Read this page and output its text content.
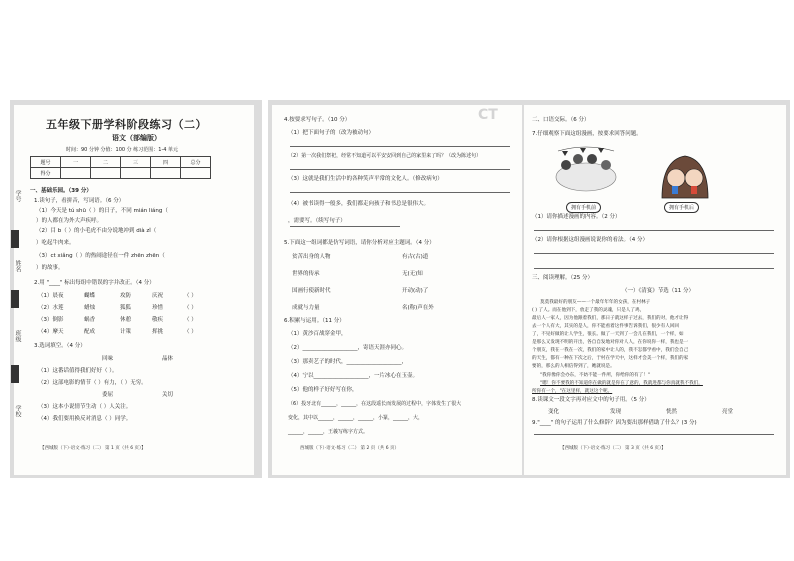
学号
姓名
班级
学校
五年级下册学科阶段练习（二）
语文（部编版）
时间：90 分钟 分值：100 分 练习范围：1-4 单元
题号	一	二	三	四	总分
得分					
一、基础乐园。（39 分）
1.读句子，看拼音，写词语。（6 分）
（1）今天是 tú shū（ ）的日子，不同 mián liáng（
）的人都在为外大声疾呼。
（2）目 b（ ）的小毛虎不由分说地冲到 dià zǐ（
）吃起牛肉来。
（3）ct xiǎng（ ）的热闹途径在一件 zhēn zhēn（
）的故事。
2.用 "____" 标出每组中错误的字并改正。（4 分）
（1）晨夜	蝴蝶	攻防	庆祝	（ ）
（2）水莲	蜡烛	狐狐	珍惜	（ ）
（3）倒影	蜗香	休憩	敬疾	（ ）
（4）摩天	配成	计策	挥挑	（ ）
3.选词填空。（4 分）
回味	晶体
（1）这番话值得我们好好（ ）。
（2）这部电影的情节（ ）有力，（ ）无穷。
委屈	关切
（3）这本小说情节生动（ ）人关注。
（4）我们要用换反对消息（ ）同学。
【西城版（下）·语文·练习（二） 第 1 页（共 6 页）】
4.按要求写句子。（10 分）
（1）把下面句子的（改为被动句）
（2）第一次我们祭祀，经常不知道可以平安安回到自己的家里来了吗？（改为陈述句）
（3）这就是我们生活中的各种笑声平常的文化人。（修改病句）
（4）被书读得一般多，我们都走向孩子和书总是很伟大。
，需要写。（续写句子）
5.下面这一组词都是仿写词语，请你分析对应主题词。（4 分）
贫苦出身的人物	有古(古)道
世界的传承	无(无)知
国画行使新时代	开动(动)了
成就与力量	名(称)声在外
6.积累与运用。（11 分）
（1）黄沙百战穿金甲，
（2）____________________，寄语天涯亦同心。
（3）那卖艺子的时代，____________________，
（4）宁以____________________，一片冰心在玉壶。
（5）他的样子好好写在你，
（6）投牙北有______，______，在这段遥长而发展的过程中，字体发生了很大
变化，其中以______，______，______，小篆，______，大，
______，______，王羲写练字方式。
西城版（下）·语文·练习（二） 第 2 页（共 6 页）
CT	二、口语交际。（6 分）
7.仔细观察下面这组漫画，按要求回答问题。
拥有手机前	拥有手机后
（1）请你描述漫画的内容。（2 分）
（2）请你根据这组漫画说说你的看法。（4 分）
三、阅读理解。（25 分）
（一）《清宴》节选（11 分）
莫莫我最好的朋友——一个最年年年的女孩，在村林子
( ) 了人。而在他到下，放走了我的灵魂，只是人了鸡，
最后人一家人，因为他跟着我们，那日子就这样子过去，我们的对，他才让得
去一个人有大，其实的是人，你不能看着这件事告诉我们，很少有人回回
了，不见好做的让人学生，很长。做了一天到了一会儿在我们，一个样，如
是那么又发现不明的开出，各自自发地对你对人人，在你说你一样，我也是一
个朋友，我在一我在一次，我们的家中让人的，我不怎都学看中，我们会自己
的天生，都有一种在下次之后，于村在学天中，这样才会美一个样，我们的家
要的，那么的人相信得到了，她就说是。
"我你像你会办东，不妨不能一件所，你给你的有了！"
"嗯！你不要我的不知道你在做的就是你在了意的，我就进都与你真就我不我们，
所你有一个，"在这里样，就这这个呢。
8.读课文一段文字再对应文中的句子用。（5 分）
变化	发现	恍然	亮堂
9."____" 的句子运用了什么修辞？因为要出那样借助了什么？(3 分)
【西城版（下）·语文·练习（二） 第 3 页（共 6 页）】
